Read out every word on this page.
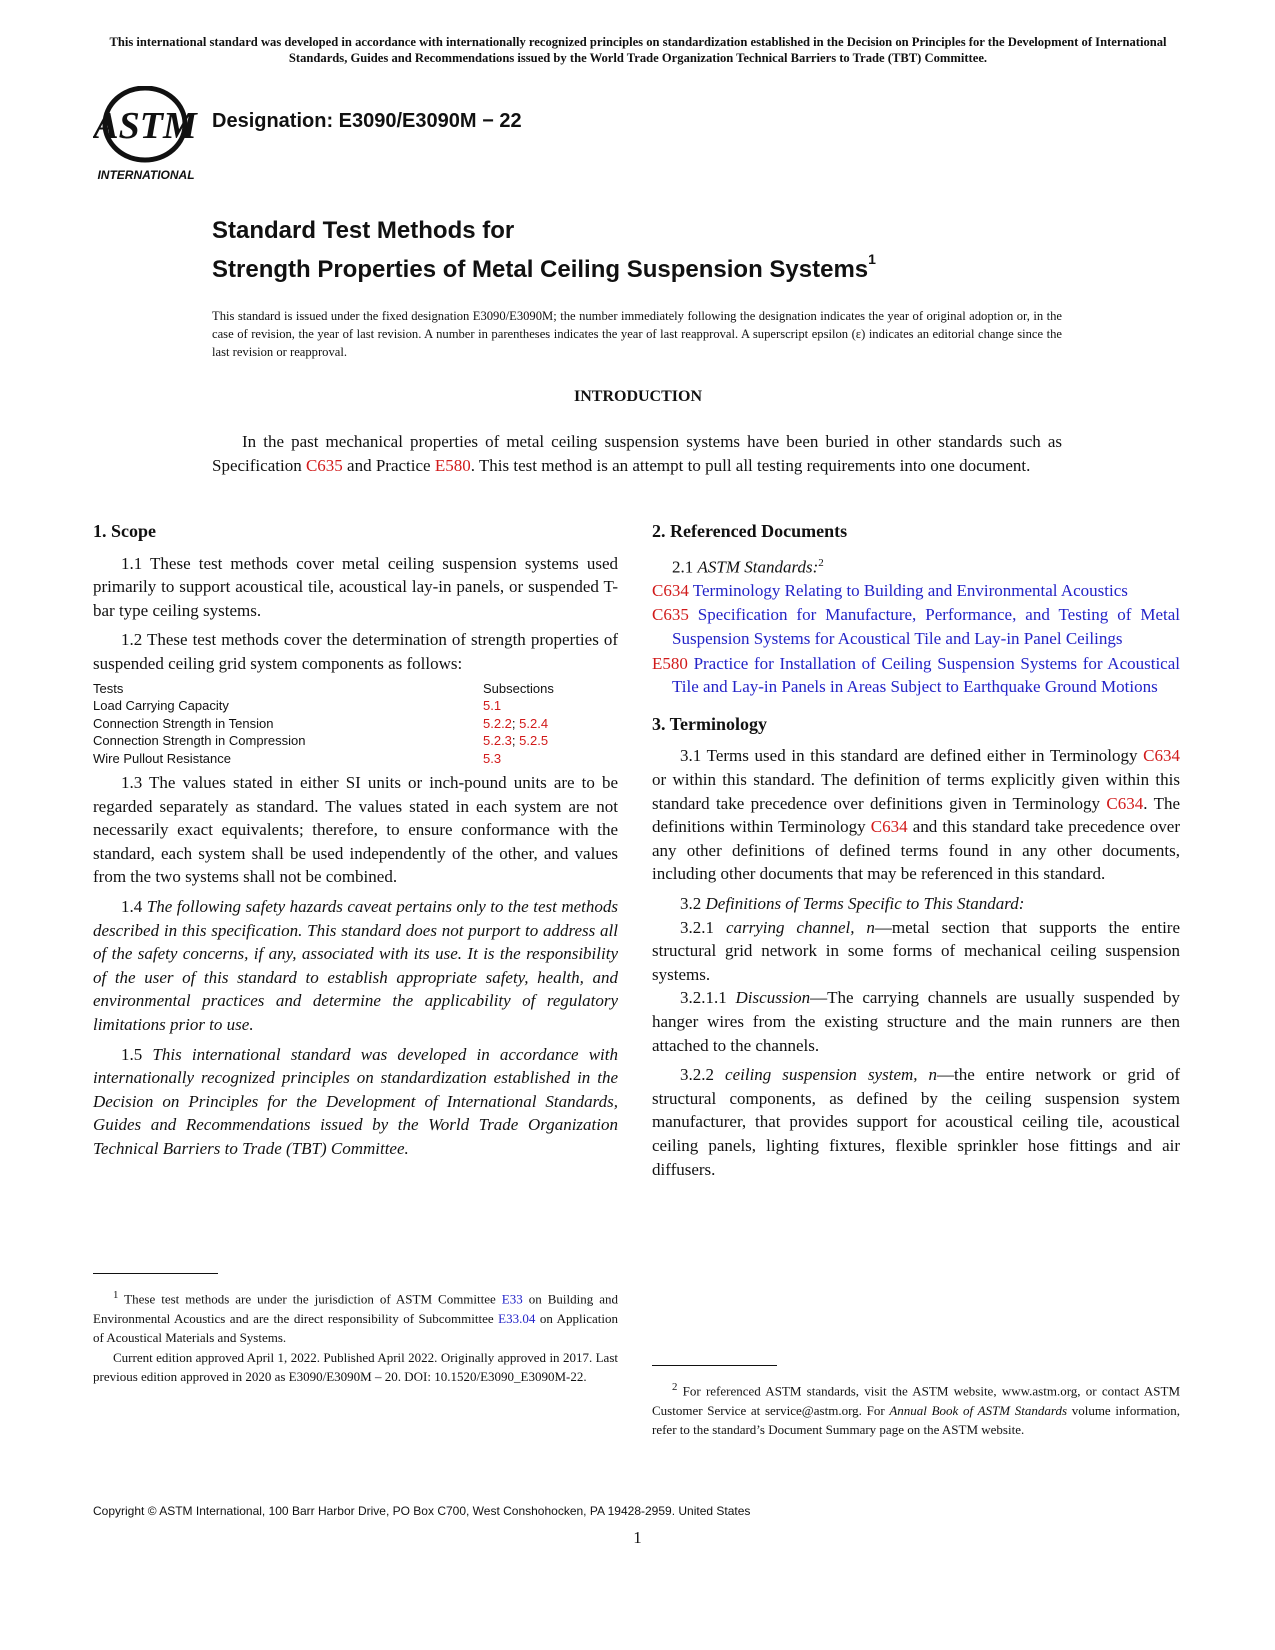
This international standard was developed in accordance with internationally recognized principles on standardization established in the Decision on Principles for the Development of International Standards, Guides and Recommendations issued by the World Trade Organization Technical Barriers to Trade (TBT) Committee.
ASTM
INTERNATIONAL
Designation: E3090/E3090M − 22
Standard Test Methods for
Strength Properties of Metal Ceiling Suspension Systems$^1$
This standard is issued under the fixed designation E3090/E3090M; the number immediately following the designation indicates the year of original adoption or, in the case of revision, the year of last revision. A number in parentheses indicates the year of last reapproval. A superscript epsilon (ε) indicates an editorial change since the last revision or reapproval.
INTRODUCTION
In the past mechanical properties of metal ceiling suspension systems have been buried in other standards such as Specification C635 and Practice E580. This test method is an attempt to pull all testing requirements into one document.
1. Scope

1.1 These test methods cover metal ceiling suspension systems used primarily to support acoustical tile, acoustical lay-in panels, or suspended T-bar type ceiling systems.

1.2 These test methods cover the determination of strength properties of suspended ceiling grid system components as follows:

Tests	Subsections
Load Carrying Capacity	5.1
Connection Strength in Tension	5.2.2; 5.2.4
Connection Strength in Compression	5.2.3; 5.2.5
Wire Pullout Resistance	5.3

1.3 The values stated in either SI units or inch-pound units are to be regarded separately as standard. The values stated in each system are not necessarily exact equivalents; therefore, to ensure conformance with the standard, each system shall be used independently of the other, and values from the two systems shall not be combined.

1.4 The following safety hazards caveat pertains only to the test methods described in this specification. This standard does not purport to address all of the safety concerns, if any, associated with its use. It is the responsibility of the user of this standard to establish appropriate safety, health, and environmental practices and determine the applicability of regulatory limitations prior to use.

1.5 This international standard was developed in accordance with internationally recognized principles on standardization established in the Decision on Principles for the Development of International Standards, Guides and Recommendations issued by the World Trade Organization Technical Barriers to Trade (TBT) Committee.

$^1$ These test methods are under the jurisdiction of ASTM Committee E33 on Building and Environmental Acoustics and are the direct responsibility of Subcommittee E33.04 on Application of Acoustical Materials and Systems.

Current edition approved April 1, 2022. Published April 2022. Originally approved in 2017. Last previous edition approved in 2020 as E3090/E3090M – 20. DOI: 10.1520/E3090_E3090M-22.

2. Referenced Documents

2.1 ASTM Standards:$^2$

C634 Terminology Relating to Building and Environmental Acoustics
C635 Specification for Manufacture, Performance, and Testing of Metal Suspension Systems for Acoustical Tile and Lay-in Panel Ceilings
E580 Practice for Installation of Ceiling Suspension Systems for Acoustical Tile and Lay-in Panels in Areas Subject to Earthquake Ground Motions
3. Terminology

3.1 Terms used in this standard are defined either in Terminology C634 or within this standard. The definition of terms explicitly given within this standard take precedence over definitions given in Terminology C634. The definitions within Terminology C634 and this standard take precedence over any other definitions of defined terms found in any other documents, including other documents that may be referenced in this standard.

3.2 Definitions of Terms Specific to This Standard:

3.2.1 carrying channel, n—metal section that supports the entire structural grid network in some forms of mechanical ceiling suspension systems.

3.2.1.1 Discussion—The carrying channels are usually suspended by hanger wires from the existing structure and the main runners are then attached to the channels.

3.2.2 ceiling suspension system, n—the entire network or grid of structural components, as defined by the ceiling suspension system manufacturer, that provides support for acoustical ceiling tile, acoustical ceiling panels, lighting fixtures, flexible sprinkler hose fittings and air diffusers.

$^2$ For referenced ASTM standards, visit the ASTM website, www.astm.org, or contact ASTM Customer Service at service@astm.org. For Annual Book of ASTM Standards volume information, refer to the standard’s Document Summary page on the ASTM website.

Copyright © ASTM International, 100 Barr Harbor Drive, PO Box C700, West Conshohocken, PA 19428-2959. United States
1
